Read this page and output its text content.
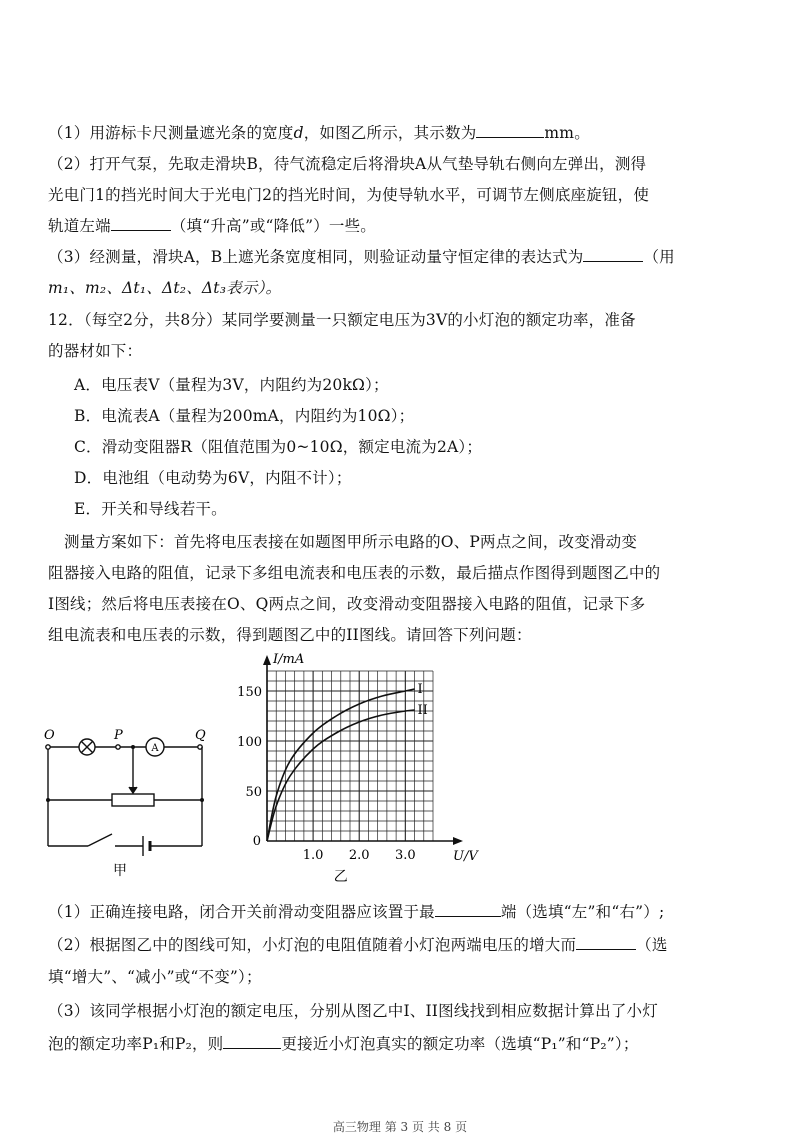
（1）用游标卡尺测量遮光条的宽度d，如图乙所示，其示数为	mm。
（2）打开气泵，先取走滑块B，待气流稳定后将滑块A从气垫导轨右侧向左弹出，测得
光电门1的挡光时间大于光电门2的挡光时间，为使导轨水平，可调节左侧底座旋钮，使
轨道左端	（填“升高”或“降低”）一些。
（3）经测量，滑块A，B上遮光条宽度相同，则验证动量守恒定律的表达式为	（用
m₁、m₂、Δt₁、Δt₂、Δt₃表示）。
12．（每空2分，共8分）某同学要测量一只额定电压为3V的小灯泡的额定功率，准备
的器材如下：
A．电压表V（量程为3V，内阻约为20kΩ）；
B．电流表A（量程为200mA，内阻约为10Ω）；
C．滑动变阻器R（阻值范围为0~10Ω，额定电流为2A）；
D．电池组（电动势为6V，内阻不计）；
E．开关和导线若干。
测量方案如下：首先将电压表接在如题图甲所示电路的O、P两点之间，改变滑动变
阻器接入电路的阻值，记录下多组电流表和电压表的示数，最后描点作图得到题图乙中的
I图线；然后将电压表接在O、Q两点之间，改变滑动变阻器接入电路的阻值，记录下多
组电流表和电压表的示数，得到题图乙中的II图线。请回答下列问题：
O	P	Q
A
甲
1.0 2.0 3.0
50
100
150
0
I/mA
U/V
乙
I
II
（1）正确连接电路，闭合开关前滑动变阻器应该置于最	端（选填“左”和“右”）;
（2）根据图乙中的图线可知，小灯泡的电阻值随着小灯泡两端电压的增大而	（选
填“增大”、“减小”或“不变”）；
（3）该同学根据小灯泡的额定电压，分别从图乙中I、II图线找到相应数据计算出了小灯
泡的额定功率P₁和P₂，则	更接近小灯泡真实的额定功率（选填“P₁”和“P₂”）；
高三物理 第 3 页 共 8 页
